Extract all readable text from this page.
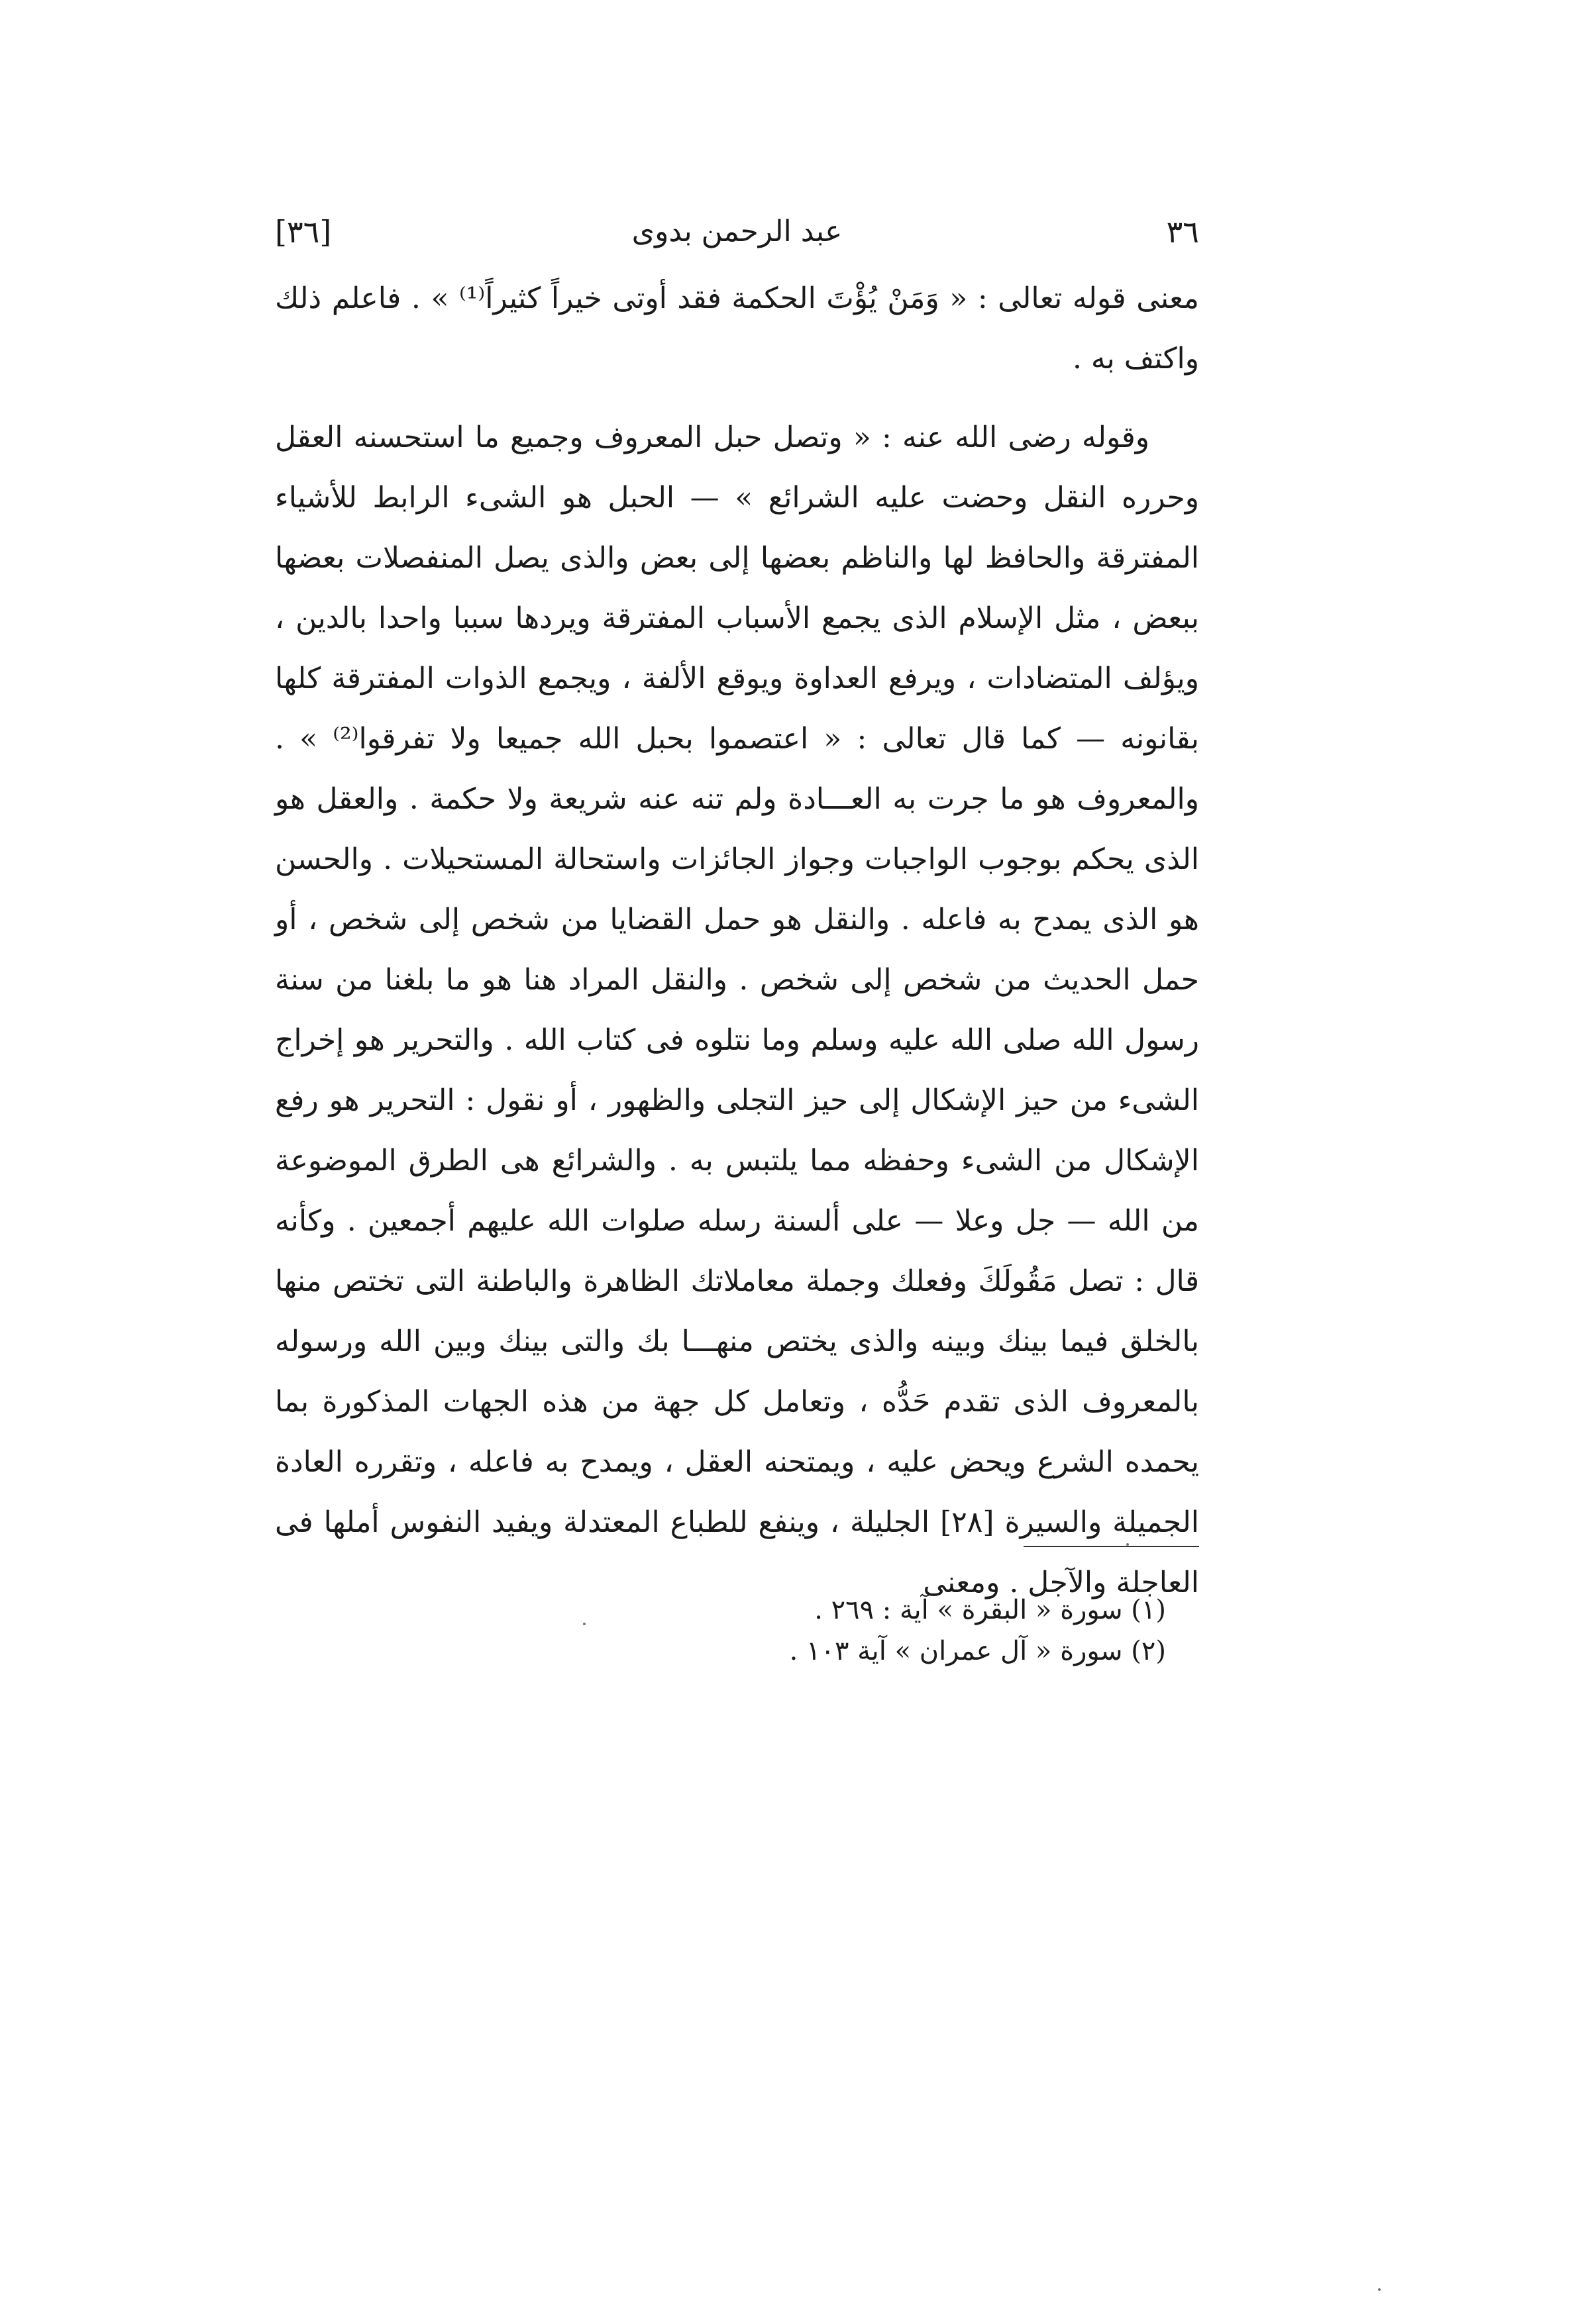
٣٦
عبد الرحمن بدوى
[٣٦]

معنى قوله تعالى : « وَمَنْ يُؤْتَ الحكمة فقد أوتى خيراً كثيراً⁽¹⁾ » . فاعلم ذلك واكتف به .

وقوله رضى الله عنه : « وتصل حبل المعروف وجميع ما استحسنه العقل وحرره النقل وحضت عليه الشرائع » — الحبل هو الشىء الرابط للأشياء المفترقة والحافظ لها والناظم بعضها إلى بعض والذى يصل المنفصلات بعضها ببعض ، مثل الإسلام الذى يجمع الأسباب المفترقة ويردها سببا واحدا بالدين ، ويؤلف المتضادات ، ويرفع العداوة ويوقع الألفة ، ويجمع الذوات المفترقة كلها بقانونه — كما قال تعالى : « اعتصموا بحبل الله جميعا ولا تفرقوا⁽²⁾ » . والمعروف هو ما جرت به العـــادة ولم تنه عنه شريعة ولا حكمة . والعقل هو الذى يحكم بوجوب الواجبات وجواز الجائزات واستحالة المستحيلات . والحسن هو الذى يمدح به فاعله . والنقل هو حمل القضايا من شخص إلى شخص ، أو حمل الحديث من شخص إلى شخص . والنقل المراد هنا هو ما بلغنا من سنة رسول الله صلى الله عليه وسلم وما نتلوه فى كتاب الله . والتحرير هو إخراج الشىء من حيز الإشكال إلى حيز التجلى والظهور ، أو نقول : التحرير هو رفع الإشكال من الشىء وحفظه مما يلتبس به . والشرائع هى الطرق الموضوعة من الله — جل وعلا — على ألسنة رسله صلوات الله عليهم أجمعين . وكأنه قال : تصل مَقُولَكَ وفعلك وجملة معاملاتك الظاهرة والباطنة التى تختص منها بالخلق فيما بينك وبينه والذى يختص منهـــا بك والتى بينك وبين الله ورسوله بالمعروف الذى تقدم حَدُّه ، وتعامل كل جهة من هذه الجهات المذكورة بما يحمده الشرع ويحض عليه ، ويمتحنه العقل ، ويمدح به فاعله ، وتقرره العادة الجميلة والسيرة [٢٨] الجليلة ، وينفع للطباع المعتدلة ويفيد النفوس أملها فى العاجلة والآجل . ومعنى

(١) سورة « البقرة » آية : ٢٦٩ .

(٢) سورة « آل عمران » آية ١٠٣ .
